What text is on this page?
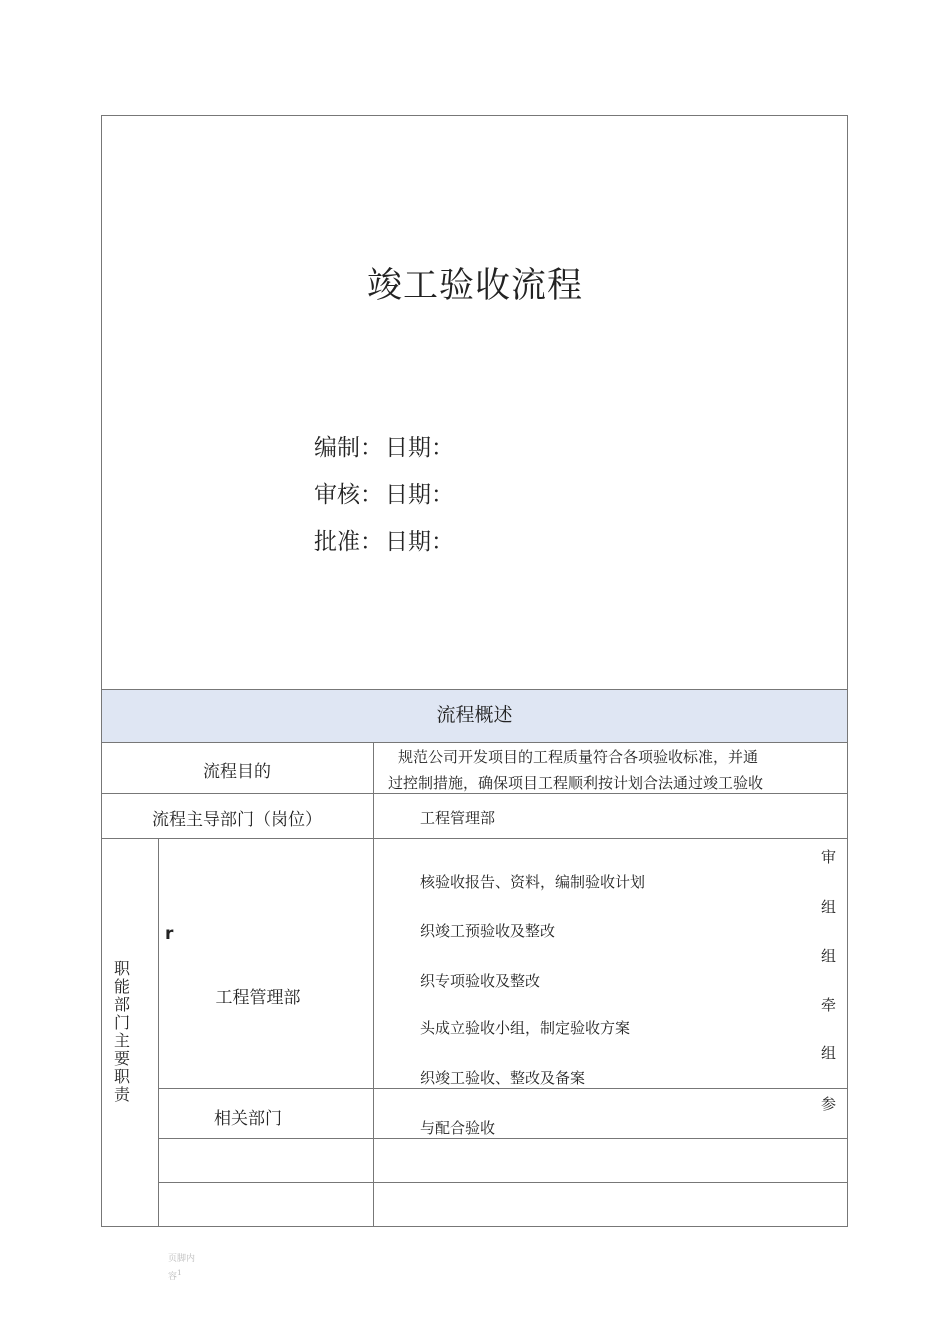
竣工验收流程
编制：日期：
审核：日期：
批准：日期：
流程概述
流程目的
规范公司开发项目的工程质量符合各项验收标准，并通
过控制措施，确保项目工程顺利按计划合法通过竣工验收
流程主导部门（岗位）	工程管理部
职能部门主要职责
r
工程管理部
审
核验收报告、资料，编制验收计划
组
织竣工预验收及整改
组
织专项验收及整改
牵
头成立验收小组，制定验收方案
组
织竣工验收、整改及备案
相关部门
参
与配合验收
页脚内容$^1$
